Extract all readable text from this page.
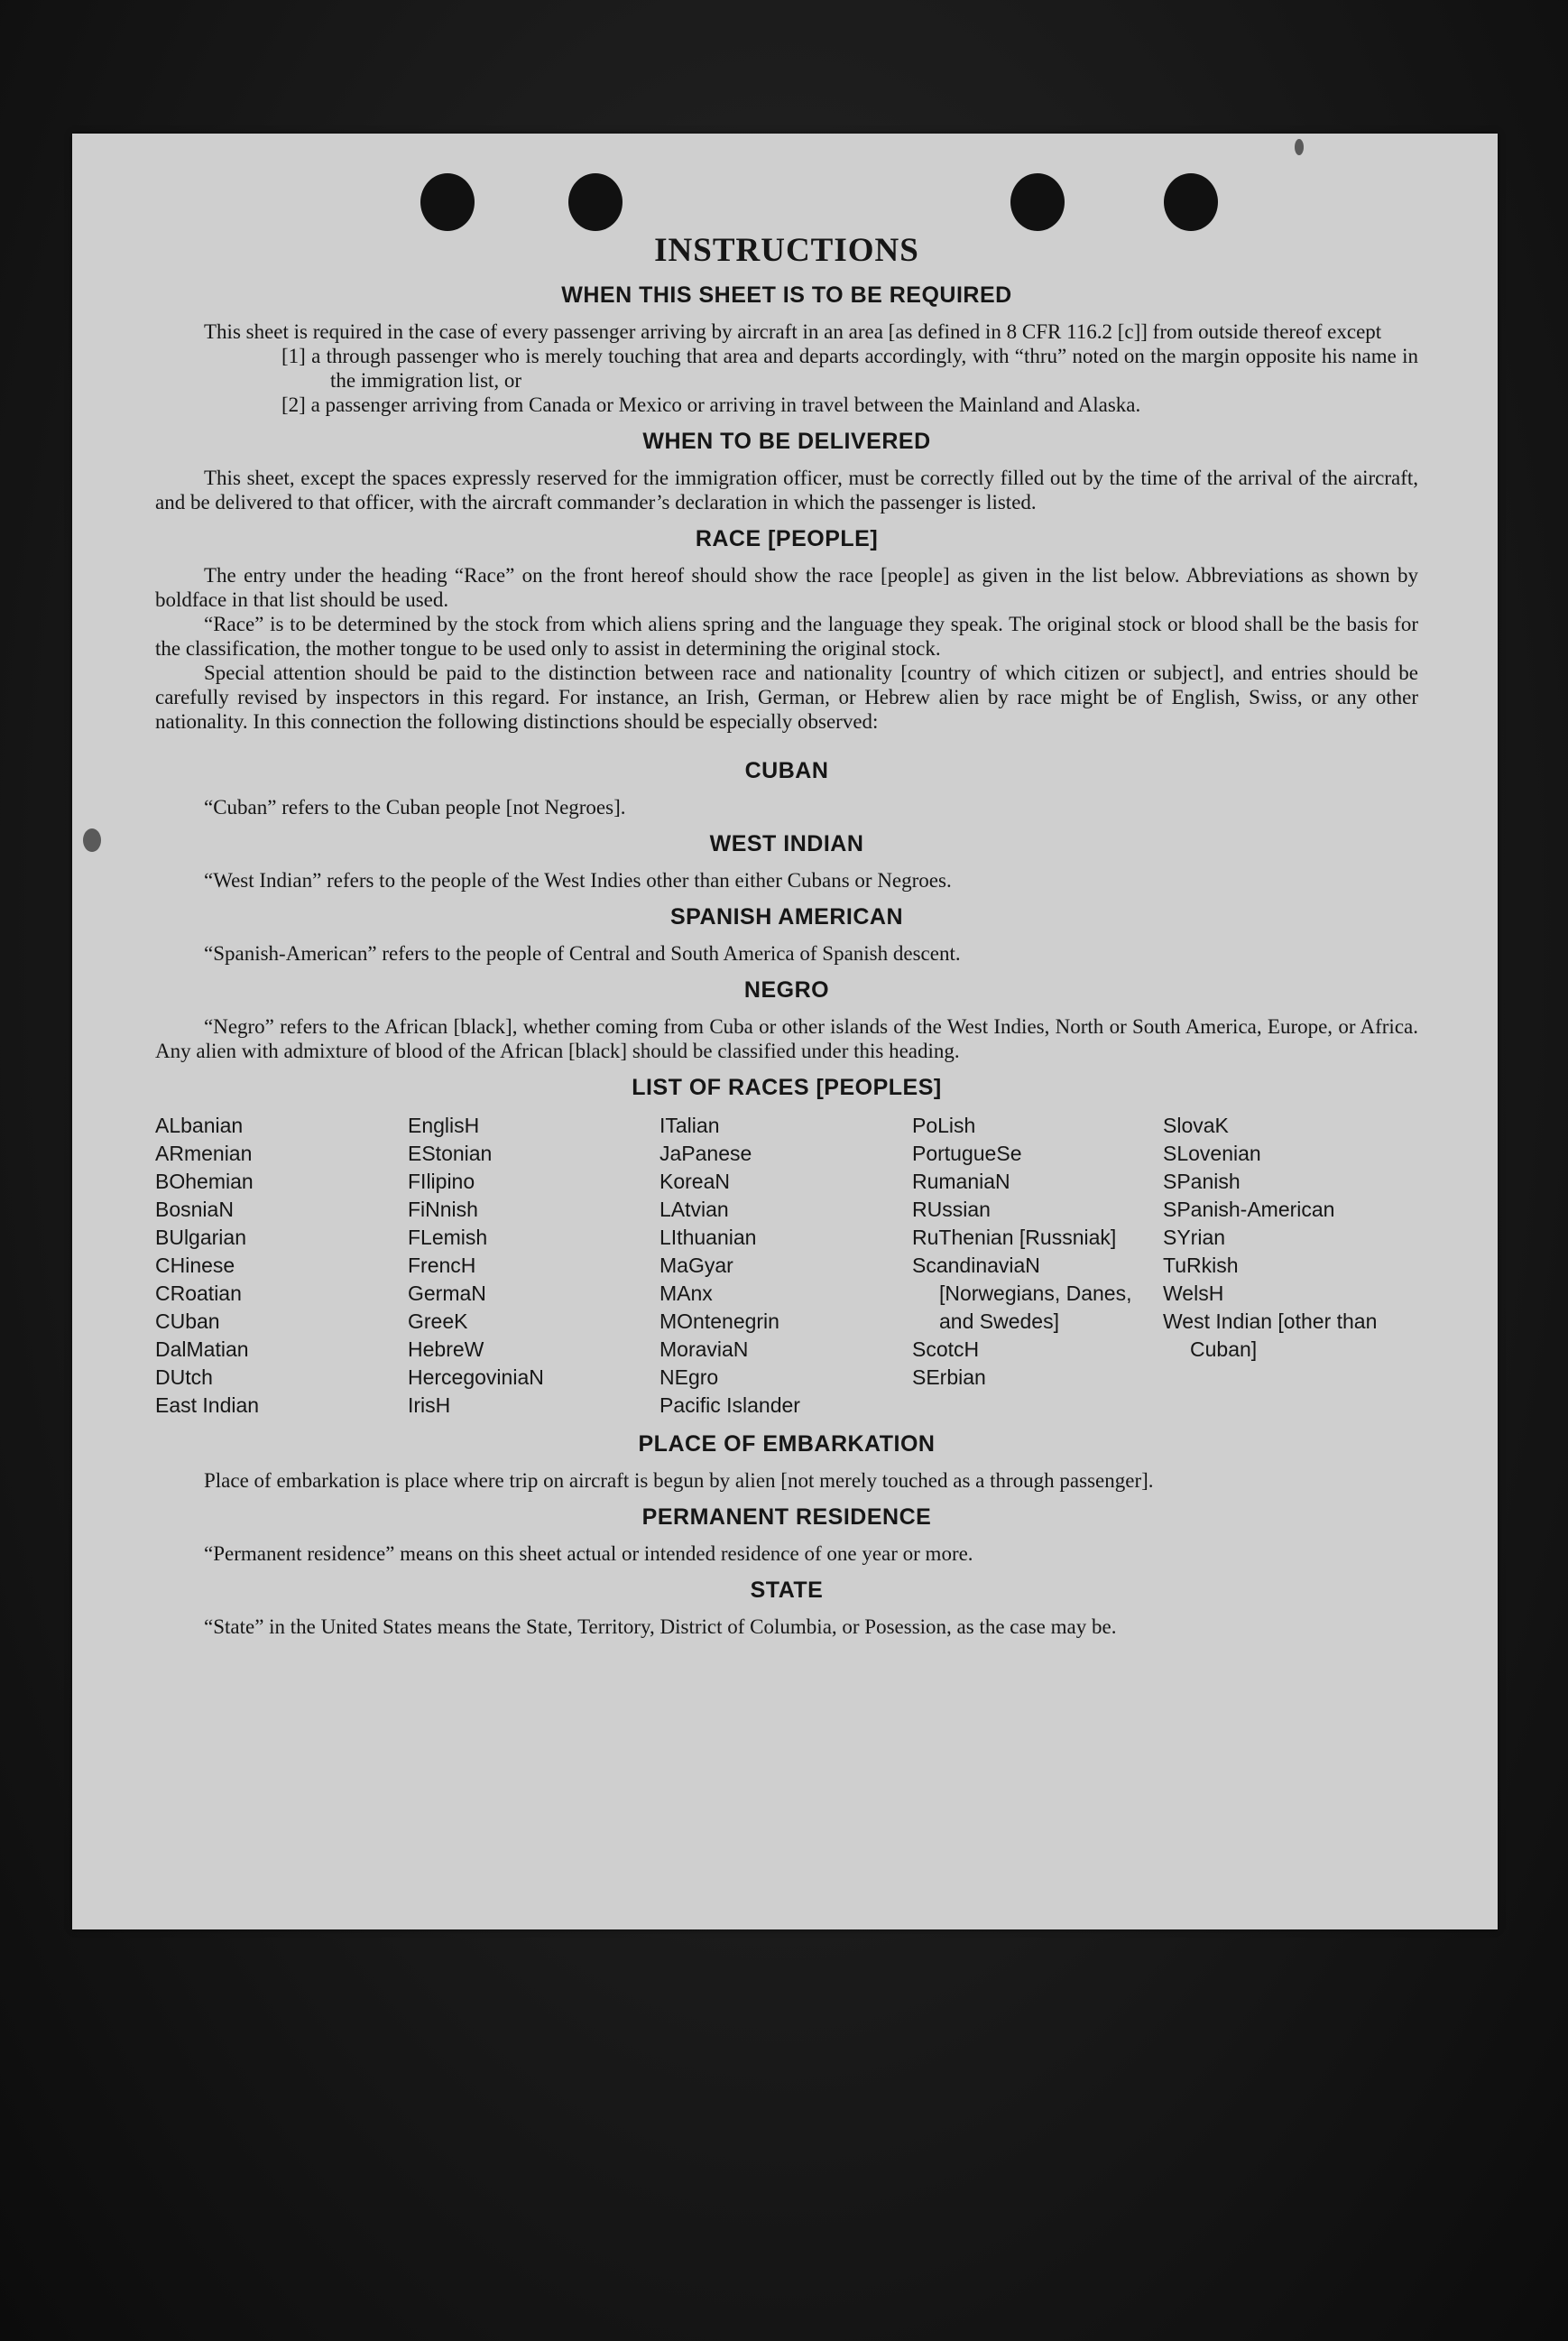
INSTRUCTIONS
WHEN THIS SHEET IS TO BE REQUIRED

This sheet is required in the case of every passenger arriving by aircraft in an area [as defined in 8 CFR 116.2 [c]] from outside thereof except

[1] a through passenger who is merely touching that area and departs accordingly, with “thru” noted on the margin opposite his name in the immigration list, or
[2] a passenger arriving from Canada or Mexico or arriving in travel between the Mainland and Alaska.
WHEN TO BE DELIVERED

This sheet, except the spaces expressly reserved for the immigration officer, must be correctly filled out by the time of the arrival of the aircraft, and be delivered to that officer, with the aircraft commander’s declaration in which the passenger is listed.

RACE [PEOPLE]

The entry under the heading “Race” on the front hereof should show the race [people] as given in the list below. Abbreviations as shown by boldface in that list should be used.

“Race” is to be determined by the stock from which aliens spring and the language they speak. The original stock or blood shall be the basis for the classification, the mother tongue to be used only to assist in determining the original stock.

Special attention should be paid to the distinction between race and nationality [country of which citizen or subject], and entries should be carefully revised by inspectors in this regard. For instance, an Irish, German, or Hebrew alien by race might be of English, Swiss, or any other nationality. In this connection the following distinctions should be especially observed:

CUBAN

“Cuban” refers to the Cuban people [not Negroes].

WEST INDIAN

“West Indian” refers to the people of the West Indies other than either Cubans or Negroes.

SPANISH AMERICAN

“Spanish-American” refers to the people of Central and South America of Spanish descent.

NEGRO

“Negro” refers to the African [black], whether coming from Cuba or other islands of the West Indies, North or South America, Europe, or Africa. Any alien with admixture of blood of the African [black] should be classified under this heading.

LIST OF RACES [PEOPLES]
ALbanian
ARmenian
BOhemian
BosniaN
BUlgarian
CHinese
CRoatian
CUban
DalMatian
DUtch
East Indian
EnglisH
EStonian
FIlipino
FiNnish
FLemish
FrencH
GermaN
GreeK
HebreW
HercegoviniaN
IrisH
ITalian
JaPanese
KoreaN
LAtvian
LIthuanian
MaGyar
MAnx
MOntenegrin
MoraviaN
NEgro
Pacific Islander
PoLish
PortugueSe
RumaniaN
RUssian
RuThenian [Russniak]
ScandinaviaN [Norwegians, Danes, and Swedes]
ScotcH
SErbian
SlovaK
SLovenian
SPanish
SPanish-American
SYrian
TuRkish
WelsH
West Indian [other than Cuban]
PLACE OF EMBARKATION

Place of embarkation is place where trip on aircraft is begun by alien [not merely touched as a through passenger].

PERMANENT RESIDENCE

“Permanent residence” means on this sheet actual or intended residence of one year or more.

STATE

“State” in the United States means the State, Territory, District of Columbia, or Posession, as the case may be.
